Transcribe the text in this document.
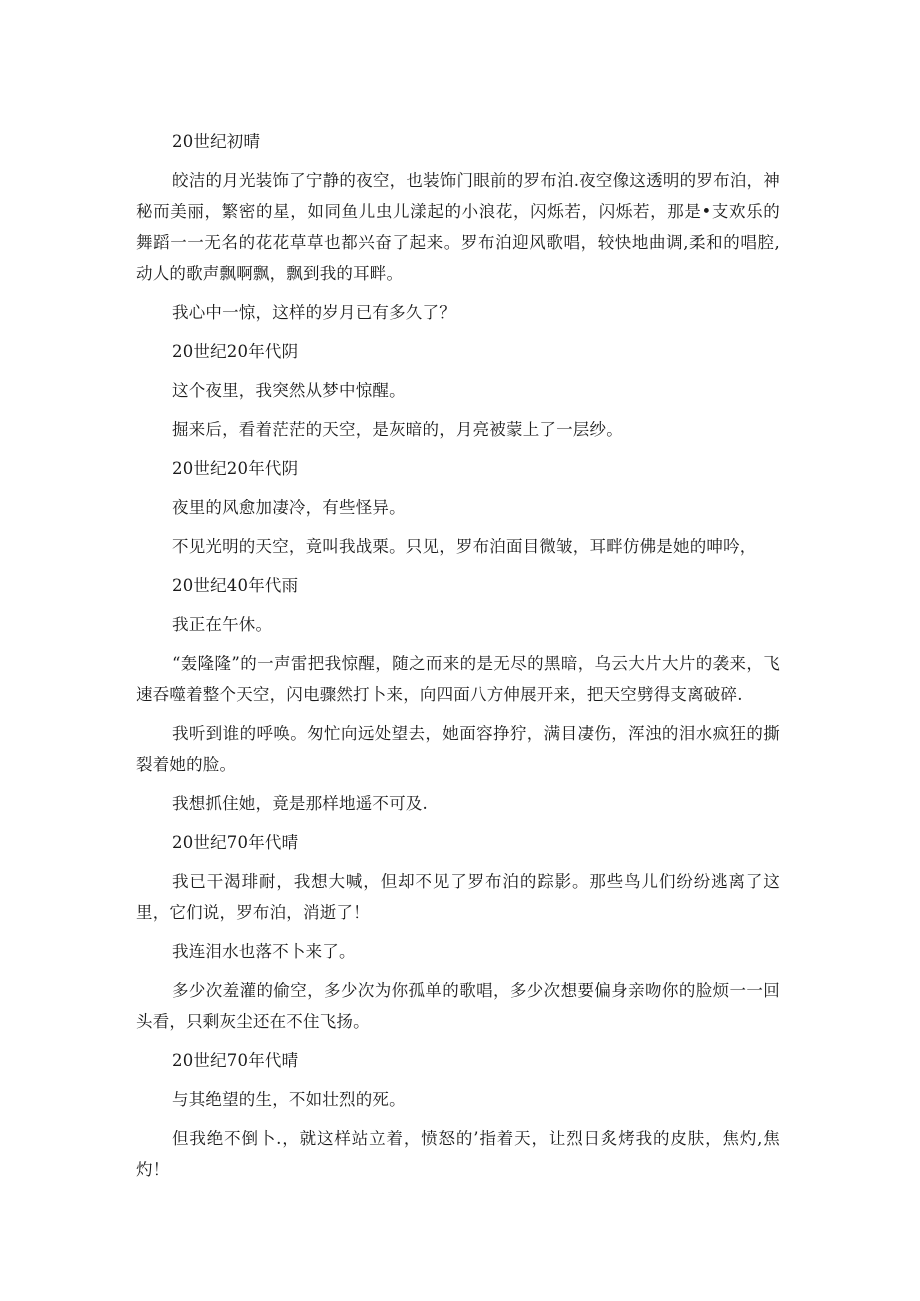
20世纪初晴

皎洁的月光装饰了宁静的夜空，也装饰门眼前的罗布泊.夜空像这透明的罗布泊，神秘而美丽，繁密的星，如同鱼儿虫儿漾起的小浪花，闪烁若，闪烁若，那是•支欢乐的舞蹈一一无名的花花草草也都兴奋了起来。罗布泊迎风歌唱，较快地曲调,柔和的唱腔,动人的歌声飘啊飘，飘到我的耳畔。

我心中一惊，这样的岁月已有多久了？

20世纪20年代阴

这个夜里，我突然从梦中惊醒。

掘来后，看着茫茫的天空，是灰暗的，月亮被蒙上了一层纱。

20世纪20年代阴

夜里的风愈加凄冷，有些怪异。

不见光明的天空，竟叫我战栗。只见，罗布泊面目微皱，耳畔仿佛是她的呻吟，

20世纪40年代雨

我正在午休。

“轰隆隆”的一声雷把我惊醒，随之而来的是无尽的黑暗，乌云大片大片的袭来，飞速吞噬着整个天空，闪电骤然打卜来，向四面八方伸展开来，把天空劈得支离破碎.

我听到谁的呼唤。匆忙向远处望去，她面容挣狞，满目凄伤，浑浊的泪水疯狂的撕裂着她的脸。

我想抓住她，竟是那样地遥不可及.

20世纪70年代晴

我已干渴琲耐，我想大喊，但却不见了罗布泊的踪影。那些鸟儿们纷纷逃离了这里，它们说，罗布泊，消逝了！

我连泪水也落不卜来了。

多少次羞灌的偷空，多少次为你孤单的歌唱，多少次想要偏身亲吻你的脸烦一一回头看，只剩灰尘还在不住飞扬。

20世纪70年代晴

与其绝望的生，不如壮烈的死。

但我绝不倒卜.，就这样站立着，愤怒的’指着天，让烈日炙烤我的皮肤，焦灼,焦灼！
